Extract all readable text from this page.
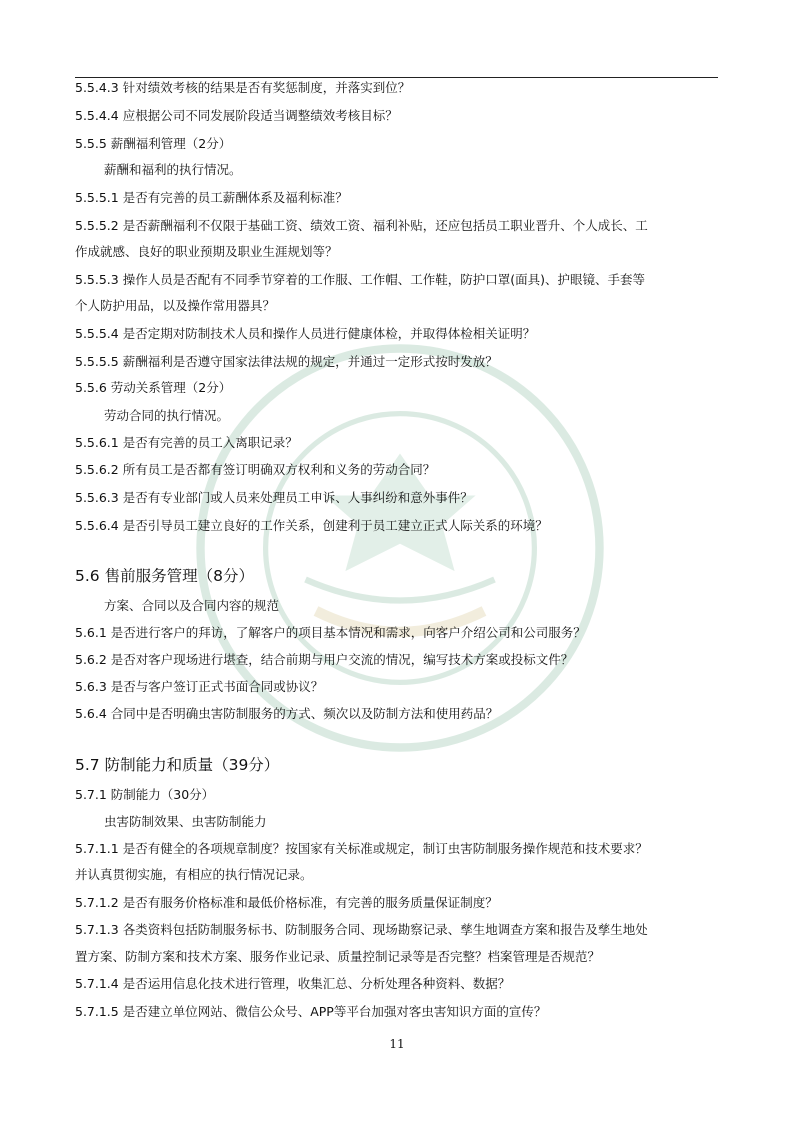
5.5.4.3 针对绩效考核的结果是否有奖惩制度，并落实到位？
5.5.4.4 应根据公司不同发展阶段适当调整绩效考核目标？
5.5.5 薪酬福利管理（2分）
薪酬和福利的执行情况。
5.5.5.1 是否有完善的员工薪酬体系及福利标准？
5.5.5.2 是否薪酬福利不仅限于基础工资、绩效工资、福利补贴，还应包括员工职业晋升、个人成长、工
作成就感、良好的职业预期及职业生涯规划等？
5.5.5.3 操作人员是否配有不同季节穿着的工作服、工作帽、工作鞋，防护口罩(面具)、护眼镜、手套等
个人防护用品，以及操作常用器具？
5.5.5.4 是否定期对防制技术人员和操作人员进行健康体检，并取得体检相关证明？
5.5.5.5 薪酬福利是否遵守国家法律法规的规定，并通过一定形式按时发放？
5.5.6 劳动关系管理（2分）
劳动合同的执行情况。
5.5.6.1 是否有完善的员工入离职记录？
5.5.6.2 所有员工是否都有签订明确双方权利和义务的劳动合同？
5.5.6.3 是否有专业部门或人员来处理员工申诉、人事纠纷和意外事件？
5.5.6.4 是否引导员工建立良好的工作关系，创建利于员工建立正式人际关系的环境？
5.6 售前服务管理（8分）
方案、合同以及合同内容的规范
5.6.1 是否进行客户的拜访，了解客户的项目基本情况和需求，向客户介绍公司和公司服务？
5.6.2 是否对客户现场进行堪查，结合前期与用户交流的情况，编写技术方案或投标文件？
5.6.3 是否与客户签订正式书面合同或协议？
5.6.4 合同中是否明确虫害防制服务的方式、频次以及防制方法和使用药品？
5.7 防制能力和质量（39分）
5.7.1 防制能力（30分）
虫害防制效果、虫害防制能力
5.7.1.1 是否有健全的各项规章制度？按国家有关标准或规定，制订虫害防制服务操作规范和技术要求？
并认真贯彻实施，有相应的执行情况记录。
5.7.1.2 是否有服务价格标准和最低价格标准，有完善的服务质量保证制度？
5.7.1.3 各类资料包括防制服务标书、防制服务合同、现场勘察记录、孳生地调查方案和报告及孳生地处
置方案、防制方案和技术方案、服务作业记录、质量控制记录等是否完整？档案管理是否规范？
5.7.1.4 是否运用信息化技术进行管理，收集汇总、分析处理各种资料、数据？
5.7.1.5 是否建立单位网站、微信公众号、APP等平台加强对客虫害知识方面的宣传？
11
